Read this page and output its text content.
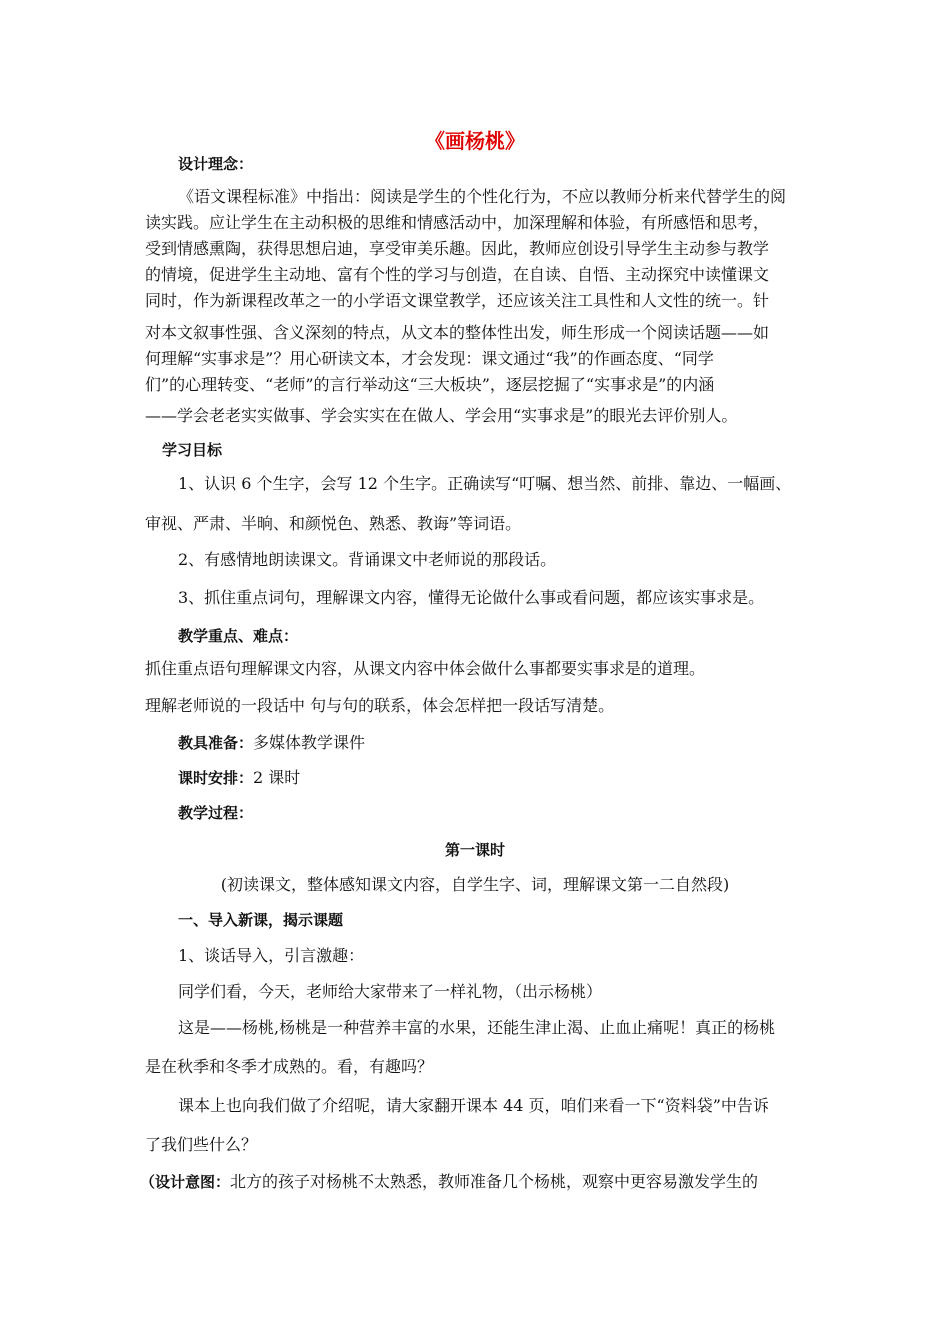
《画杨桃》
设计理念：
《语文课程标准》中指出：阅读是学生的个性化行为，不应以教师分析来代替学生的阅
读实践。应让学生在主动积极的思维和情感活动中，加深理解和体验，有所感悟和思考，
受到情感熏陶，获得思想启迪，享受审美乐趣。因此，教师应创设引导学生主动参与教学
的情境，促进学生主动地、富有个性的学习与创造，在自读、自悟、主动探究中读懂课文
同时，作为新课程改革之一的小学语文课堂教学，还应该关注工具性和人文性的统一。针
对本文叙事性强、含义深刻的特点，从文本的整体性出发，师生形成一个阅读话题——如
何理解“实事求是”？用心研读文本，才会发现：课文通过“我”的作画态度、“同学
们”的心理转变、“老师”的言行举动这“三大板块”，逐层挖掘了“实事求是”的内涵
——学会老老实实做事、学会实实在在做人、学会用“实事求是”的眼光去评价别人。
学习目标
1、认识 6 个生字，会写 12 个生字。正确读写“叮嘱、想当然、前排、靠边、一幅画、
审视、严肃、半晌、和颜悦色、熟悉、教诲”等词语。
2、有感情地朗读课文。背诵课文中老师说的那段话。
3、抓住重点词句，理解课文内容，懂得无论做什么事或看问题，都应该实事求是。
教学重点、难点：
抓住重点语句理解课文内容，从课文内容中体会做什么事都要实事求是的道理。
理解老师说的一段话中 句与句的联系，体会怎样把一段话写清楚。
教具准备：多媒体教学课件
课时安排：2 课时
教学过程：
第一课时
(初读课文，整体感知课文内容，自学生字、词，理解课文第一二自然段)
一、导入新课，揭示课题
1、谈话导入，引言激趣：
同学们看，今天，老师给大家带来了一样礼物，（出示杨桃）
这是——杨桃,杨桃是一种营养丰富的水果，还能生津止渴、止血止痛呢！真正的杨桃
是在秋季和冬季才成熟的。看，有趣吗？
课本上也向我们做了介绍呢，请大家翻开课本 44 页，咱们来看一下“资料袋”中告诉
了我们些什么？
（设计意图：北方的孩子对杨桃不太熟悉，教师准备几个杨桃，观察中更容易激发学生的
